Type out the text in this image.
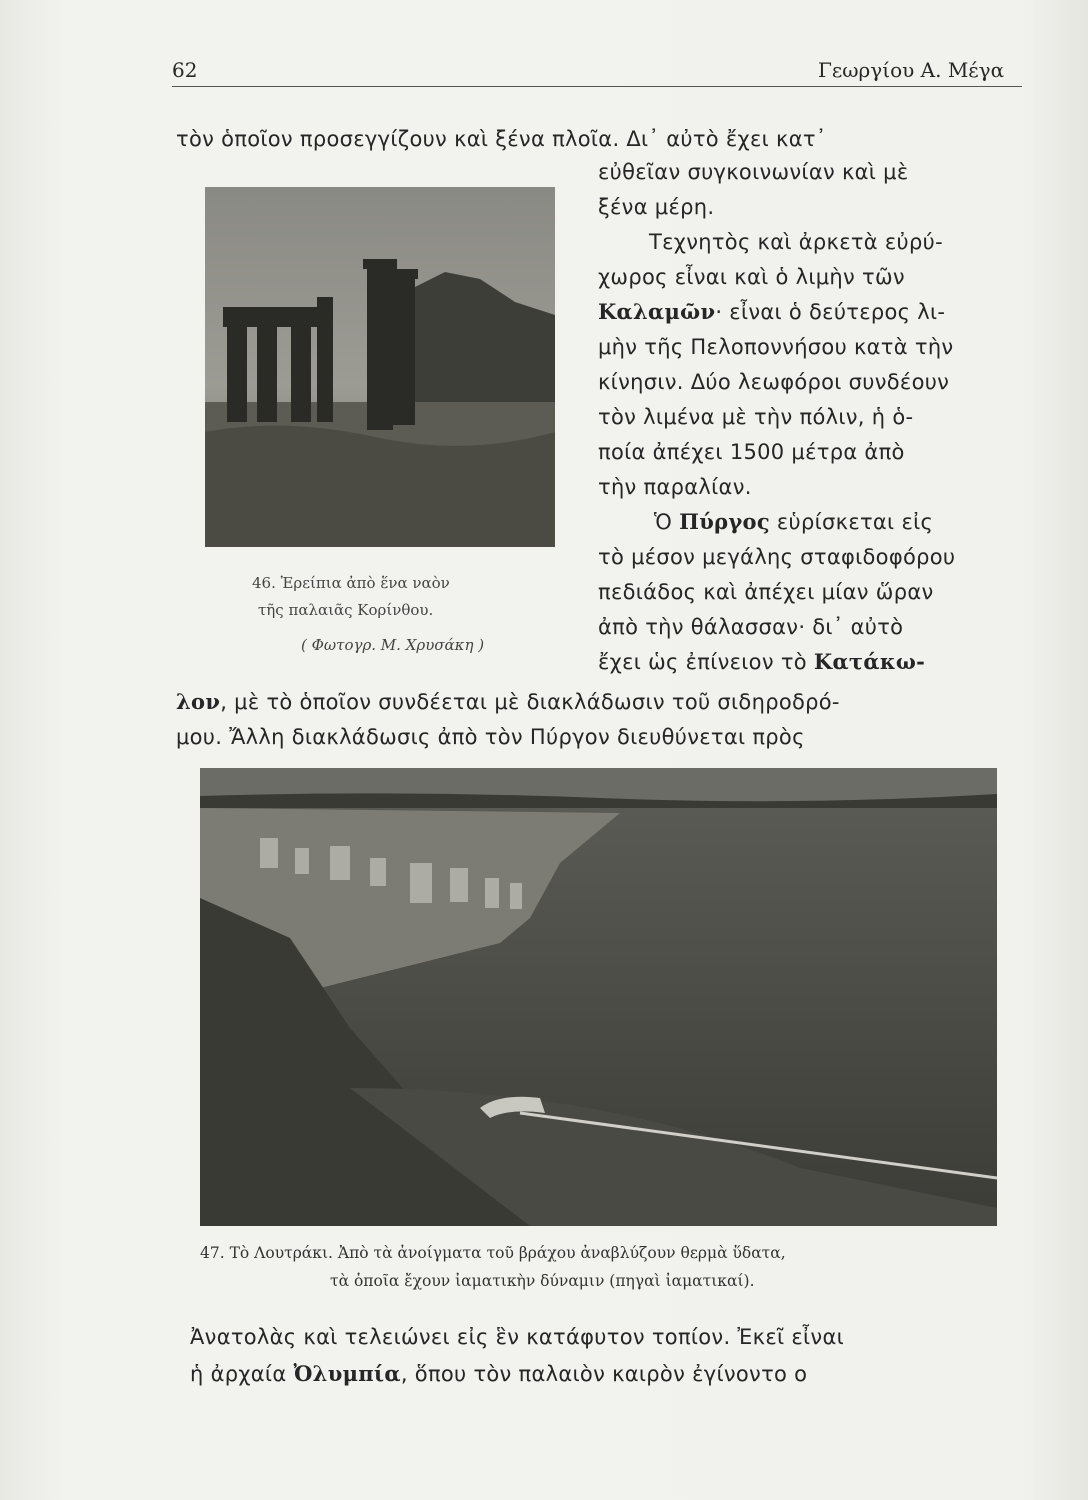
62	Γεωργίου Α. Μέγα
τὸν ὁποῖον προσεγγίζουν καὶ ξένα πλοῖα. Δι᾽ αὐτὸ ἔχει κατ᾽
εὐθεῖαν συγκοινωνίαν καὶ μὲ
ξένα μέρη.
Τεχνητὸς καὶ ἀρκετὰ εὐρύ-
χωρος εἶναι καὶ ὁ λιμὴν τῶν
Καλαμῶν· εἶναι ὁ δεύτερος λι-
μὴν τῆς Πελοποννήσου κατὰ τὴν
κίνησιν. Δύο λεωφόροι συνδέουν
τὸν λιμένα μὲ τὴν πόλιν, ἡ ὁ-
ποία ἀπέχει 1500 μέτρα ἀπὸ
τὴν παραλίαν.
Ὁ Πύργος εὑρίσκεται εἰς
τὸ μέσον μεγάλης σταφιδοφόρου
πεδιάδος καὶ ἀπέχει μίαν ὥραν
ἀπὸ τὴν θάλασσαν· δι᾽ αὐτὸ
ἔχει ὡς ἐπίνειον τὸ Κατάκω-
λον, μὲ τὸ ὁποῖον συνδέεται μὲ διακλάδωσιν τοῦ σιδηροδρό-
μου. Ἄλλη διακλάδωσις ἀπὸ τὸν Πύργον διευθύνεται πρὸς
46. Ἐρείπια ἀπὸ ἕνα ναὸν
τῆς παλαιᾶς Κορίνθου.
( Φωτογρ. Μ. Χρυσάκη )
47. Τὸ Λουτράκι. Ἀπὸ τὰ ἀνοίγματα τοῦ βράχου ἀναβλύζουν θερμὰ ὕδατα,
τὰ ὁποῖα ἔχουν ἰαματικὴν δύναμιν (πηγαὶ ἰαματικαί).
Ἀνατολὰς καὶ τελειώνει εἰς ἓν κατάφυτον τοπίον. Ἐκεῖ εἶναι
ἡ ἀρχαία Ὀλυμπία, ὅπου τὸν παλαιὸν καιρὸν ἐγίνοντο ο
